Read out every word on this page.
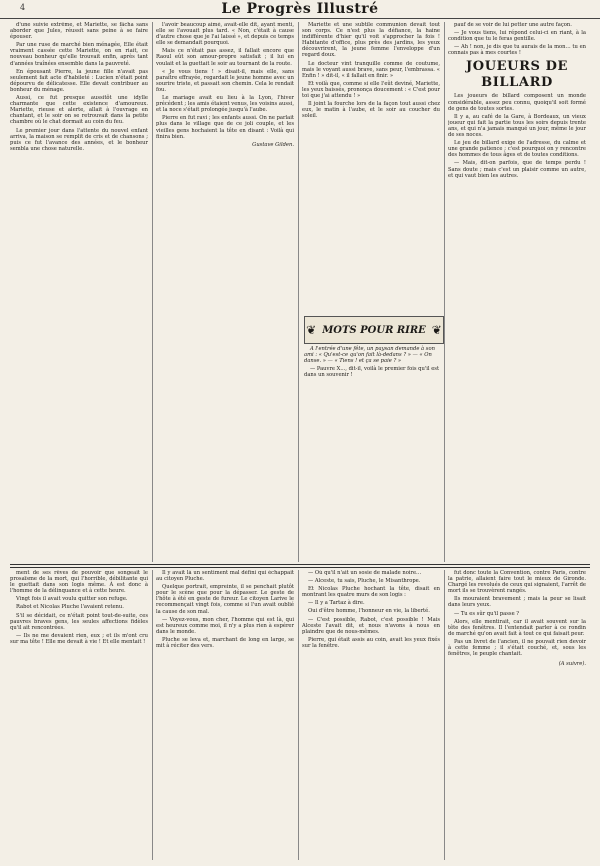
4	Le Progrès Illustré

d'une suivie extrême, et Mariette, se fâcha sans aborder que Jules, réussit sans peine à se faire épouser.

Par une ruse de marché bien ménagée, Elle était vraiment cassée cette Mariette, on en riait, ce nouveau bonheur qu'elle trouvait enfin, après tant d'années traînées ensemble dans la pauvreté.

En épousant Pierre, la jeune fille n'avait pas seulement fait acte d'habileté : Lucien n'était point dépourvu de délicatesse. Elle devait contribuer au bonheur du ménage.

Aussi, ce fut presque aussitôt une idylle charmante que cette existence d'amoureux. Mariette, rieuse et alerte, allait à l'ouvrage en chantant, et le soir on se retrouvait dans la petite chambre où le chat dormait au coin du feu.

Le premier jour dans l'attente du nouvel enfant arriva, la maison se remplit de cris et de chansons ; puis ce fut l'avance des années, et le bonheur sembla une chose naturelle.

l'avoir beaucoup aimé, avait-elle dit, ayant menti, elle se l'avouait plus tard. « Non, c'était à cause d'autre chose que je l'ai laissé », et depuis ce temps elle se demandait pourquoi.

Mais ce n'était pas assez, il fallait encore que Raoul eût son amour-propre satisfait ; il lui en voulait et la guettait le soir au tournant de la route.

« Je vous tiens ! » disait-il, mais elle, sans paraître effrayée, regardait le jeune homme avec un sourire triste, et passait son chemin. Cela le rendait fou.

Le mariage avait eu lieu à la Lyon, l'hiver précédent ; les amis étaient venus, les voisins aussi, et la noce s'était prolongée jusqu'à l'aube.

Pierre en fut ravi ; les enfants aussi. On ne parlait plus dans le village que de ce joli couple, et les vieilles gens hochaient la tête en disant : Voilà qui finira bien.

Gustave Gilden.

Mariette et une subtile communion devait tout son corps. Ce n'est plus la défiance, la haine indifférente d'hier qu'il voit s'approcher la fois ! Habitante d'office, plus près des jardins, les yeux découvrirent, la jeune femme l'enveloppe d'un regard doux.

Le docteur vint tranquille comme de coutume, mais le voyant aussi brave, sans peur, l'embrassa. « Enfin ! » dit-il, « il fallait en finir. »

Et voilà que, comme si elle l'eût deviné, Mariette, les yeux baissés, prononça doucement : « C'est pour toi que j'ai attendu ! »

Il joint la fourche lors de la façon tout aussi chez eux, le matin à l'aube, et le soir au coucher du soleil.

pauf de se voir de lui petter une autre façon.

— Je vous tiens, lui répond celui-ci en riant, à la condition que tu le feras gentille.

— Ah ! non, je dis que tu aurais de la mon… tu en connais pas à mes courtes !

JOUEURS DE BILLARD

Les joueurs de billard composent un monde considérable, assez peu connu, quoiqu'il soit formé de gens de toutes sortes.

Il y a, au café de la Gare, à Bordeaux, un vieux joueur qui fait la partie tous les soirs depuis trente ans, et qui n'a jamais manqué un jour, même le jour de ses noces.

Le jeu de billard exige de l'adresse, du calme et une grande patience ; c'est pourquoi on y rencontre des hommes de tous âges et de toutes conditions.

— Mais, dit-on parfois, que de temps perdu ! Sans doute ; mais c'est un plaisir comme un autre, et qui vaut bien les autres.

❦ MOTS POUR RIRE ❦

A l'entrée d'une fête, un paysan demande à son ami : « Qu'est-ce qu'on fait là-dedans ? » — « On danse. » — « Tiens ! et ça se paie ? »

— Pauvre X..., dit-il, voilà le premier fois qu'il est dans un souvenir !

ment de ses rêves de pouvoir que songeait le prosaïsme de la mort, qui l'horrible, débilitante qui le guettait dans son logis même. À est donc à l'homme de la délinquance et à cette heure.

Vingt fois il avait voulu quitter son refuge.

Rabot et Nicolas Pluche l'avaient retenu.

S'il se décidait, ce n'était point tout-de-suite, ces pauvres braves gens, les seules affections fidèles qu'il ait rencontrées.

— Ils ne me devaient rien, eux ; et ils m'ont cru sur ma tête ! Elle me devait à vie ! Et elle mentait !

Il y avait là un sentiment mal défini qui échappait au citoyen Pluche.

Quelque portrait, empreinte, il se penchait plutôt pour le scène que pour la dépasser. Le geste de l'hôte à été en geste de fureur. Le citoyen Larive le recommençait vingt fois, comme si l'un avait oublié la cause de son mal.

— Voyez-vous, mon cher, l'homme qui est là, qui est heureux comme moi, il n'y a plus rien à espérer dans le monde.

Pluche se leva et, marchant de long en large, se mit à réciter des vers.

— Où qu'il n'ait un sosie de malade noire…

— Alceste, tu sais, Pluche, le Misanthrope.

Et Nicolas Pluche hochant la tête, disait en montrant les quatre murs de son logis :

— Il y a Tartaz à dire.

Oui d'être homme, l'honneur en vie, la liberté.

— C'est possible, Rabot, c'est possible ! Mais Alceste l'avait dit, et nous n'avons à nous en plaindre que de nous-mêmes.

Pierre, qui était assis au coin, avait les yeux fixés sur la fenêtre.

fut donc toute la Convention, contre Paris, contre la patrie, allaient faire tout le mieux de Gironde. Chargé les revolués de ceux qui signaient, l'arrêt de mort ils se trouvèrent rangés.

Ils mouraient bravement ; mais la peur se lisait dans leurs yeux.

— Tu es sûr qu'il passe ?

Alors, elle mentirait, car il avait souvent sur la tête des fenêtres. Il l'entendait parler à ce rondin de marché qu'on avait fait à tout ce qui faisait peur.

Pas un livret de l'ancien, il ne pouvait rien devoir à cette femme ; il s'était couché, et, sous les fenêtres, le peuple chantait.

(A suivre).
